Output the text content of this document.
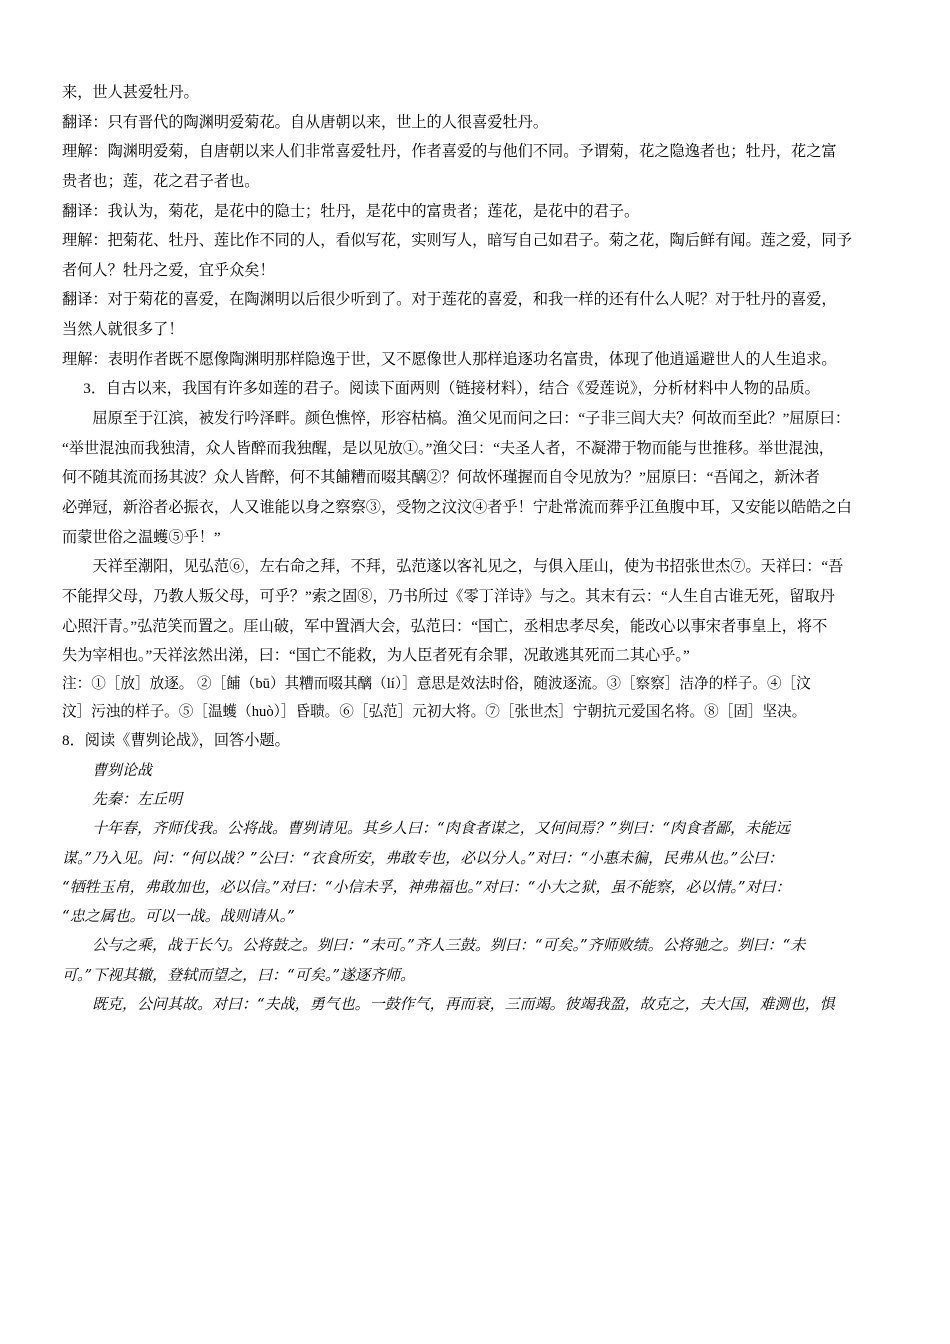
来，世人甚爱牡丹。

翻译：只有晋代的陶渊明爱菊花。自从唐朝以来，世上的人很喜爱牡丹。

理解：陶渊明爱菊，自唐朝以来人们非常喜爱牡丹，作者喜爱的与他们不同。予谓菊，花之隐逸者也；牡丹，花之富

贵者也；莲，花之君子者也。

翻译：我认为，菊花，是花中的隐士；牡丹，是花中的富贵者；莲花，是花中的君子。

理解：把菊花、牡丹、莲比作不同的人，看似写花，实则写人，暗写自己如君子。菊之花，陶后鲜有闻。莲之爱，同予

者何人？牡丹之爱，宜乎众矣！

翻译：对于菊花的喜爱，在陶渊明以后很少听到了。对于莲花的喜爱，和我一样的还有什么人呢？对于牡丹的喜爱，

当然人就很多了！

理解：表明作者既不愿像陶渊明那样隐逸于世，又不愿像世人那样追逐功名富贵，体现了他逍遥避世人的人生追求。

3．自古以来，我国有许多如莲的君子。阅读下面两则（链接材料），结合《爱莲说》，分析材料中人物的品质。

屈原至于江滨，被发行吟泽畔。颜色憔悴，形容枯槁。渔父见而问之曰：“子非三闾大夫？何故而至此？”屈原曰：

“举世混浊而我独清，众人皆醉而我独醒，是以见放①。”渔父曰：“夫圣人者，不凝滞于物而能与世推移。举世混浊，

何不随其流而扬其波？众人皆醉，何不其餔糟而啜其醨②？何故怀瑾握而自令见放为？”屈原曰：“吾闻之，新沐者

必弹冠，新浴者必振衣，人又谁能以身之察察③，受物之汶汶④者乎！宁赴常流而葬乎江鱼腹中耳，又安能以皓皓之白

而蒙世俗之温蠖⑤乎！”

天祥至潮阳，见弘范⑥，左右命之拜，不拜，弘范遂以客礼见之，与俱入厓山，使为书招张世杰⑦。天祥曰：“吾

不能捍父母，乃教人叛父母，可乎？”索之固⑧，乃书所过《零丁洋诗》与之。其末有云：“人生自古谁无死，留取丹

心照汗青。”弘范笑而置之。厓山破，军中置酒大会，弘范曰：“国亡，丞相忠孝尽矣，能改心以事宋者事皇上，将不

失为宰相也。”天祥泫然出涕，曰：“国亡不能救，为人臣者死有余罪，况敢逃其死而二其心乎。”

注：①［放］放逐。 ②［餔（bū）其糟而啜其醨（lí）］意思是效法时俗，随波逐流。③［察察］洁净的样子。④［汶

汶］污浊的样子。⑤［温蠖（huò）］昏聩。⑥［弘范］元初大将。⑦［张世杰］宁朝抗元爱国名将。⑧［固］坚决。

8．阅读《曹刿论战》，回答小题。

曹刿论战

先秦：左丘明

十年春，齐师伐我。公将战。曹刿请见。其乡人曰：“肉食者谋之，又何间焉？”刿曰：“肉食者鄙，未能远

谋。”乃入见。问：“何以战？”公曰：“衣食所安，弗敢专也，必以分人。”对曰：“小惠未徧，民弗从也。”公曰：

“牺牲玉帛，弗敢加也，必以信。”对曰：“小信未孚，神弗福也。”对曰：“小大之狱，虽不能察，必以情。”对曰：

“忠之属也。可以一战。战则请从。”

公与之乘，战于长勺。公将鼓之。刿曰：“未可。”齐人三鼓。刿曰：“可矣。”齐师败绩。公将驰之。刿曰：“未

可。”下视其辙，登轼而望之，曰：“可矣。”遂逐齐师。

既克，公问其故。对曰：“夫战，勇气也。一鼓作气，再而衰，三而竭。彼竭我盈，故克之，夫大国，难测也，惧
